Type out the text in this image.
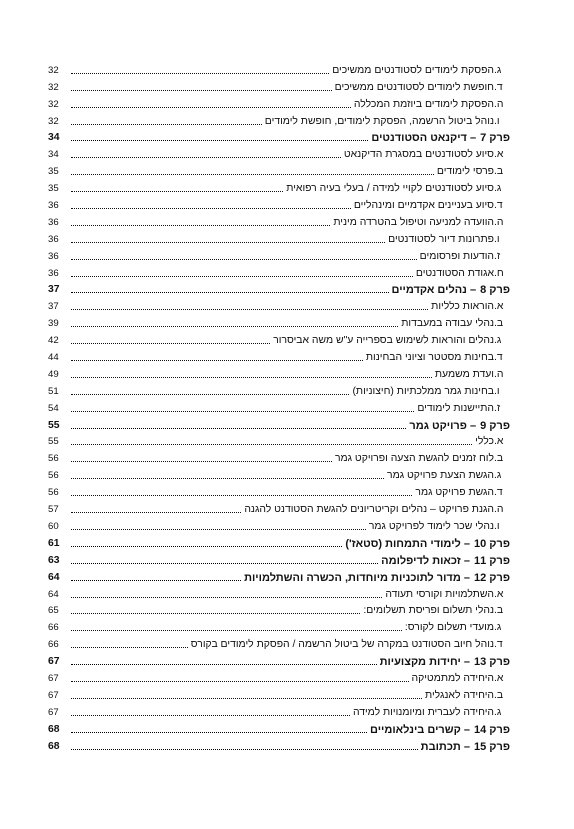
ג.הפסקת לימודים לסטודנטים ממשיכים
32
ד.חופשת לימודים לסטודנטים ממשיכים
32
ה.הפסקת לימודים ביוזמת המכללה
32
ו.נוהל ביטול הרשמה, הפסקת לימודים, חופשת לימודים
32
פרק 7– דיקנאט הסטודנטים
34
א.סיוע לסטודנטים במסגרת הדיקנאט
34
ב.פרסי לימודים
35
ג.סיוע לסטודנטים לקויי למידה / בעלי בעיה רפואית
35
ד.סיוע בעניינים אקדמיים ומינהליים
36
ה.הוועדה למניעה וטיפול בהטרדה מינית
36
ו.פתרונות דיור לסטודנטים
36
ז.הודעות ופרסומים
36
ח.אגודת הסטודנטים
36
פרק 8– נהלים אקדמיים
37
א.הוראות כלליות
37
ב.נהלי עבודה במעבדות
39
ג.נהלים והוראות לשימוש בספרייה ע"ש משה אביסרור
42
ד.בחינות מסטטר וציוני הבחינות
44
ה.ועדת משמעת
49
ו.בחינות גמר ממלכתיות (חיצוניות)
51
ז.התיישנות לימודים
54
פרק 9– פרויקט גמר
55
א.כללי
55
ב.לוח זמנים להגשת הצעה ופרויקט גמר
56
ג.הגשת הצעת פרויקט גמר
56
ד.הגשת פרויקט גמר
56
ה.הגנת פרויקט – נהלים וקריטריונים להגשת הסטודנט להגנה
57
ו.נהלי שכר לימוד לפרויקט גמר
60
פרק 10– לימודי התמחות (סטאז')
61
פרק 11– זכאות לדיפלומה
63
פרק 12– מדור לתוכניות מיוחדות, הכשרה והשתלמויות
64
א.השתלמויות וקורסי תעודה
64
ב.נהלי תשלום ופריסת תשלומים:
65
ג.מועדי תשלום לקורס:
66
ד.נוהל חיוב הסטודנט במקרה של ביטול הרשמה / הפסקת לימודים בקורס
66
פרק 13– יחידות מקצועיות
67
א.היחידה למתמטיקה
67
ב.היחידה לאנגלית
67
ג.היחידה לעברית ומיומנויות למידה
67
פרק 14– קשרים בינלאומיים
68
פרק 15– תכתובת
68
